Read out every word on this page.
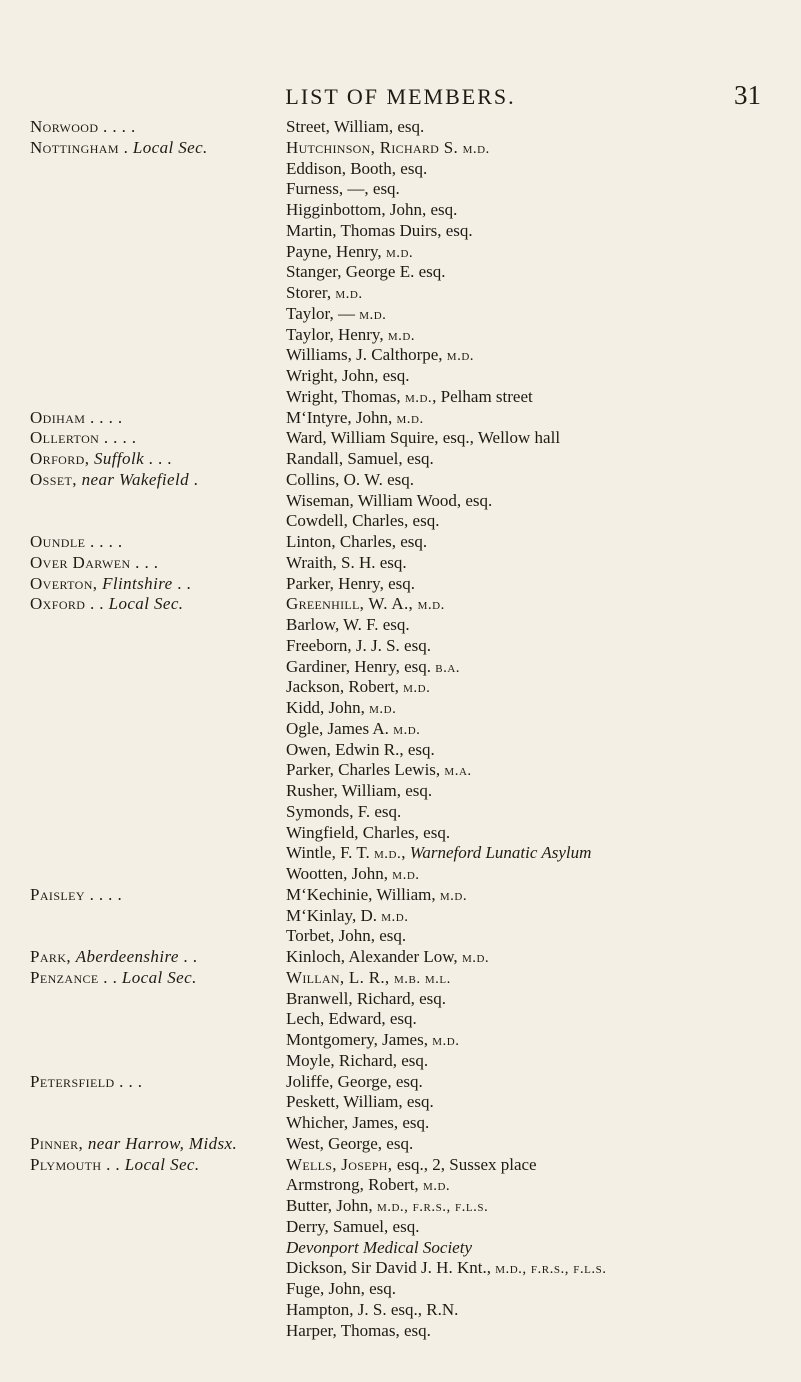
LIST OF MEMBERS.	31
Norwood . . . .	Street, William, esq.
Nottingham . Local Sec.	Hutchinson, Richard S. m.d.
Eddison, Booth, esq.
Furness, —, esq.
Higginbottom, John, esq.
Martin, Thomas Duirs, esq.
Payne, Henry, m.d.
Stanger, George E. esq.
Storer, m.d.
Taylor, — m.d.
Taylor, Henry, m.d.
Williams, J. Calthorpe, m.d.
Wright, John, esq.
Wright, Thomas, m.d., Pelham street
Odiham . . . .	M‘Intyre, John, m.d.
Ollerton . . . .	Ward, William Squire, esq., Wellow hall
Orford, Suffolk . . .	Randall, Samuel, esq.
Osset, near Wakefield .	Collins, O. W. esq.
Wiseman, William Wood, esq.
Cowdell, Charles, esq.
Oundle . . . .	Linton, Charles, esq.
Over Darwen . . .	Wraith, S. H. esq.
Overton, Flintshire . .	Parker, Henry, esq.
Oxford . . Local Sec.	Greenhill, W. A., m.d.
Barlow, W. F. esq.
Freeborn, J. J. S. esq.
Gardiner, Henry, esq. b.a.
Jackson, Robert, m.d.
Kidd, John, m.d.
Ogle, James A. m.d.
Owen, Edwin R., esq.
Parker, Charles Lewis, m.a.
Rusher, William, esq.
Symonds, F. esq.
Wingfield, Charles, esq.
Wintle, F. T. m.d., Warneford Lunatic Asylum
Wootten, John, m.d.
Paisley . . . .	M‘Kechinie, William, m.d.
M‘Kinlay, D. m.d.
Torbet, John, esq.
Park, Aberdeenshire . .	Kinloch, Alexander Low, m.d.
Penzance . . Local Sec.	Willan, L. R., m.b. m.l.
Branwell, Richard, esq.
Lech, Edward, esq.
Montgomery, James, m.d.
Moyle, Richard, esq.
Petersfield . . .	Joliffe, George, esq.
Peskett, William, esq.
Whicher, James, esq.
Pinner, near Harrow, Midsx.	West, George, esq.
Plymouth . . Local Sec.	Wells, Joseph, esq., 2, Sussex place
Armstrong, Robert, m.d.
Butter, John, m.d., f.r.s., f.l.s.
Derry, Samuel, esq.
Devonport Medical Society
Dickson, Sir David J. H. Knt., m.d., f.r.s., f.l.s.
Fuge, John, esq.
Hampton, J. S. esq., R.N.
Harper, Thomas, esq.
